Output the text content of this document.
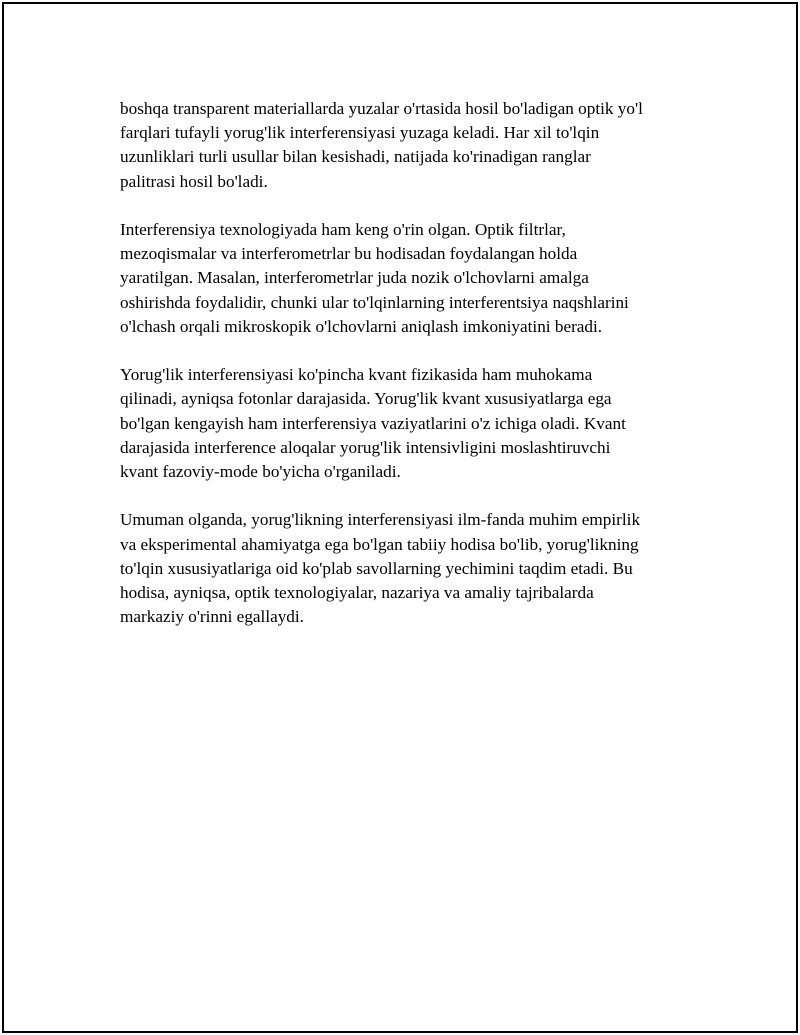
boshqa transparent materiallarda yuzalar o'rtasida hosil bo'ladigan optik yo'l
farqlari tufayli yorug'lik interferensiyasi yuzaga keladi. Har xil to'lqin
uzunliklari turli usullar bilan kesishadi, natijada ko'rinadigan ranglar
palitrasi hosil bo'ladi.

Interferensiya texnologiyada ham keng o'rin olgan. Optik filtrlar,
mezoqismalar va interferometrlar bu hodisadan foydalangan holda
yaratilgan. Masalan, interferometrlar juda nozik o'lchovlarni amalga
oshirishda foydalidir, chunki ular to'lqinlarning interferentsiya naqshlarini
o'lchash orqali mikroskopik o'lchovlarni aniqlash imkoniyatini beradi.

Yorug'lik interferensiyasi ko'pincha kvant fizikasida ham muhokama
qilinadi, ayniqsa fotonlar darajasida. Yorug'lik kvant xususiyatlarga ega
bo'lgan kengayish ham interferensiya vaziyatlarini o'z ichiga oladi. Kvant
darajasida interference aloqalar yorug'lik intensivligini moslashtiruvchi
kvant fazoviy-mode bo'yicha o'rganiladi.

Umuman olganda, yorug'likning interferensiyasi ilm-fanda muhim empirlik
va eksperimental ahamiyatga ega bo'lgan tabiiy hodisa bo'lib, yorug'likning
to'lqin xususiyatlariga oid ko'plab savollarning yechimini taqdim etadi. Bu
hodisa, ayniqsa, optik texnologiyalar, nazariya va amaliy tajribalarda
markaziy o'rinni egallaydi.
